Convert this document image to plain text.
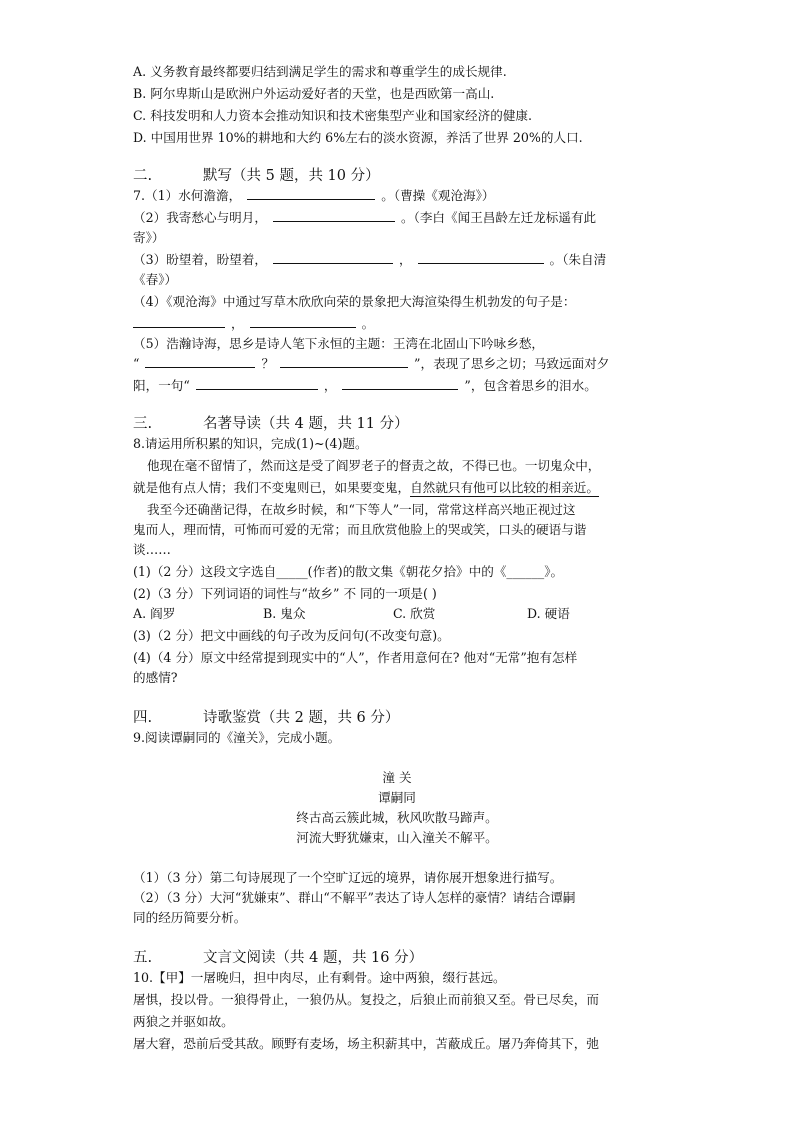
A. 义务教育最终都要归结到满足学生的需求和尊重学生的成长规律.
B. 阿尔卑斯山是欧洲户外运动爱好者的天堂，也是西欧第一高山.
C. 科技发明和人力资本会推动知识和技术密集型产业和国家经济的健康.
D. 中国用世界 10%的耕地和大约 6%左右的淡水资源，养活了世界 20%的人口.
二.	默写（共 5 题，共 10 分）
7.（1）水何澹澹，	。（曹操《观沧海》）
（2）我寄愁心与明月，	。（李白《闻王昌龄左迁龙标遥有此
寄》）
（3）盼望着，盼望着，	，	。（朱自清
《春》）
（4）《观沧海》中通过写草木欣欣向荣的景象把大海渲染得生机勃发的句子是：
，	。
（5）浩瀚诗海，思乡是诗人笔下永恒的主题：王湾在北固山下吟咏乡愁，
“	？	”，表现了思乡之切；马致远面对夕
阳，一句“	，	”，包含着思乡的泪水。
三.	名著导读（共 4 题，共 11 分）
8.请运用所积累的知识，完成(1)~(4)题。
他现在毫不留情了，然而这是受了阎罗老子的督责之故，不得已也。一切鬼众中，
就是他有点人情；我们不变鬼则已，如果要变鬼，自然就只有他可以比较的相亲近。
我至今还确凿记得，在故乡时候，和“下等人”一同，常常这样高兴地正视过这
鬼而人，理而情，可怖而可爱的无常；而且欣赏他脸上的哭或笑，口头的硬语与谐
谈……
(1)（2 分）这段文字选自_____(作者)的散文集《朝花夕拾》中的《______》。
(2)（3 分）下列词语的词性与“故乡” 不 同的一项是( )
A. 阎罗	B. 鬼众	C. 欣赏	D. 硬语
(3)（2 分）把文中画线的句子改为反问句(不改变句意)。
(4)（4 分）原文中经常提到现实中的“人”，作者用意何在? 他对“无常”抱有怎样
的感情?
四.	诗歌鉴赏（共 2 题，共 6 分）
9.阅读谭嗣同的《潼关》，完成小题。
潼 关
谭嗣同
终古高云簇此城，秋风吹散马蹄声。
河流大野犹嫌束，山入潼关不解平。
（1）（3 分）第二句诗展现了一个空旷辽远的境界，请你展开想象进行描写。
（2）（3 分）大河“犹嫌束”、群山“不解平”表达了诗人怎样的豪情？请结合谭嗣
同的经历简要分析。
五.	文言文阅读（共 4 题，共 16 分）
10.【甲】一屠晚归，担中肉尽，止有剩骨。途中两狼，缀行甚远。
屠惧，投以骨。一狼得骨止，一狼仍从。复投之，后狼止而前狼又至。骨已尽矣，而
两狼之并驱如故。
屠大窘，恐前后受其敌。顾野有麦场，场主积薪其中，苫蔽成丘。屠乃奔倚其下，弛
